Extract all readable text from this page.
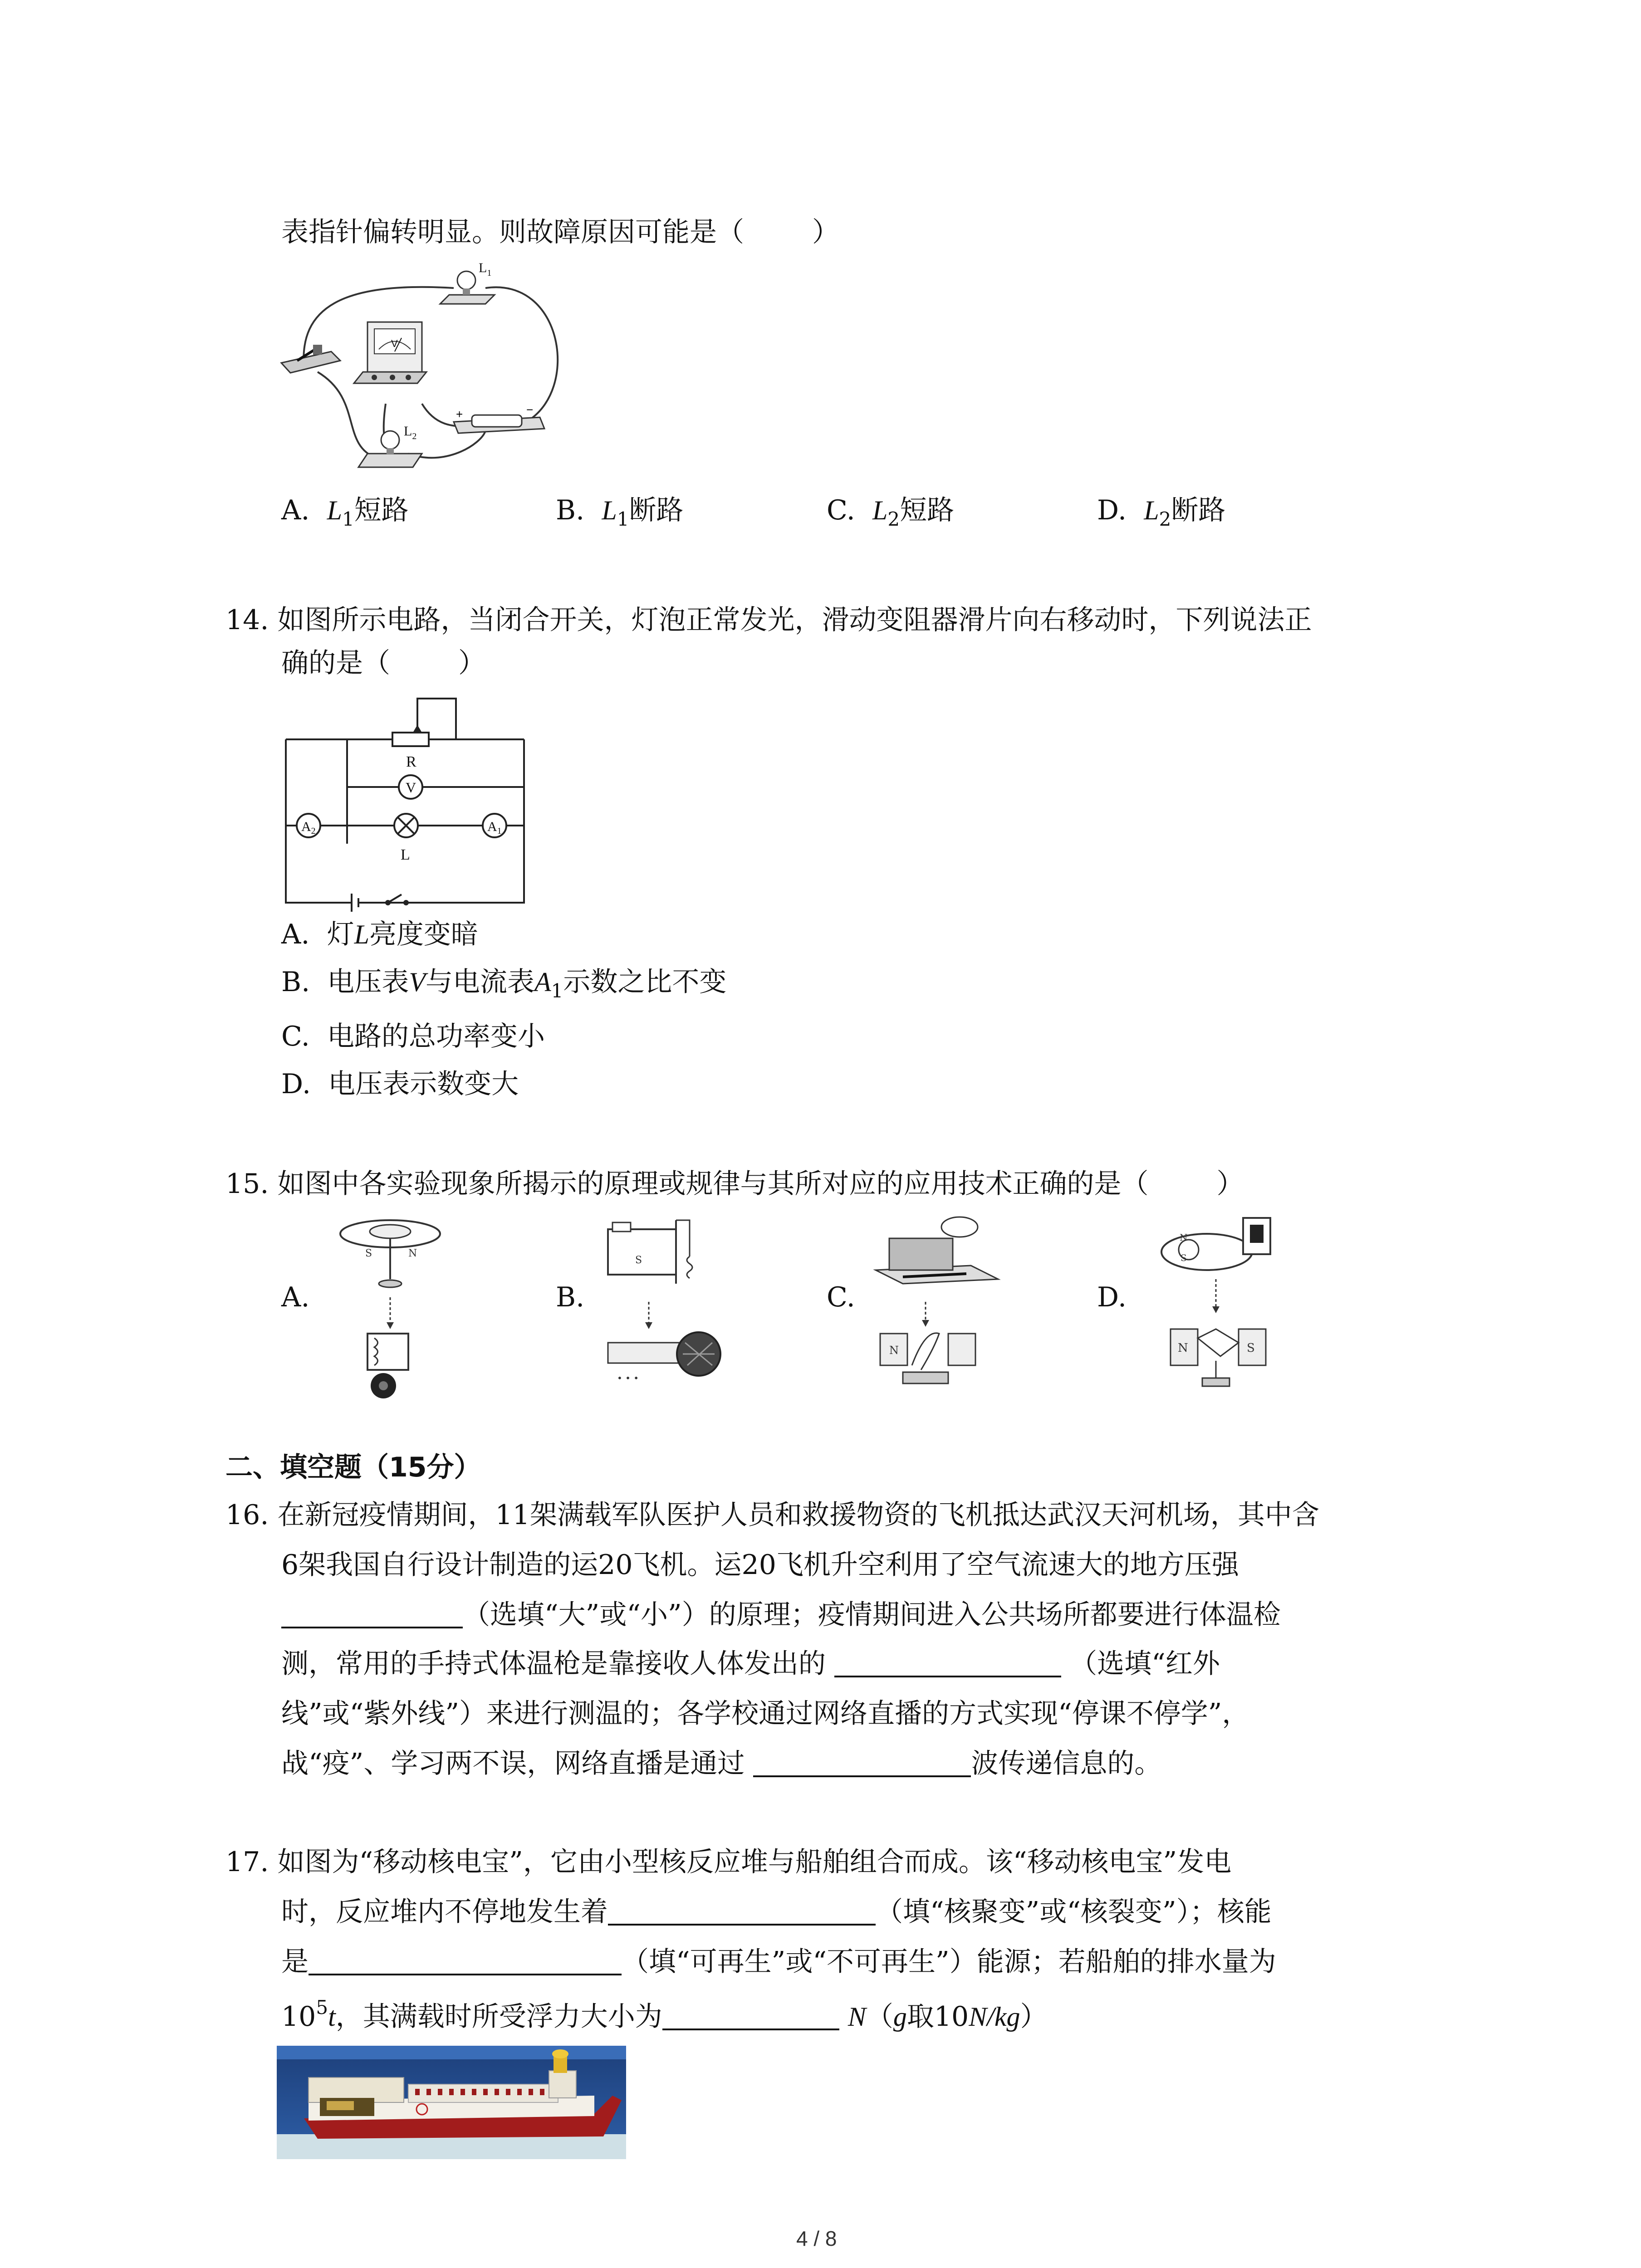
表指针偏转明显。则故障原因可能是（	）
$L_1$
V
+	−
$L_2$
A. $L_1$短路	B. $L_1$断路	C. $L_2$短路	D. $L_2$断路
14. 如图所示电路，当闭合开关，灯泡正常发光，滑动变阻器滑片向右移动时，下列说法正
确的是（	）
R
V
$A_2$	$A_1$
L
A. 灯L亮度变暗
B. 电压表V与电流表$A_1$示数之比不变
C. 电路的总功率变小
D. 电压表示数变大
15. 如图中各实验现象所揭示的原理或规律与其所对应的应用技术正确的是（	）
A.	B.	C.	D.
S	N
S
• • •
N
N
S
N	S
二、填空题（15分）
16. 在新冠疫情期间，11架满载军队医护人员和救援物资的飞机抵达武汉天河机场，其中含
6架我国自行设计制造的运20飞机。运20飞机升空利用了空气流速大的地方压强
（选填“大”或“小”）的原理；疫情期间进入公共场所都要进行体温检
测，常用的手持式体温枪是靠接收人体发出的	（选填“红外
线”或“紫外线”）来进行测温的；各学校通过网络直播的方式实现“停课不停学”，
战“疫”、学习两不误，网络直播是通过	波传递信息的。
17. 如图为“移动核电宝”，它由小型核反应堆与船舶组合而成。该“移动核电宝”发电
时，反应堆内不停地发生着	（填“核聚变”或“核裂变”）；核能
是	（填“可再生”或“不可再生”）能源；若船舶的排水量为
$10^5t$，其满载时所受浮力大小为	N（g取10N/kg）
4 / 8
